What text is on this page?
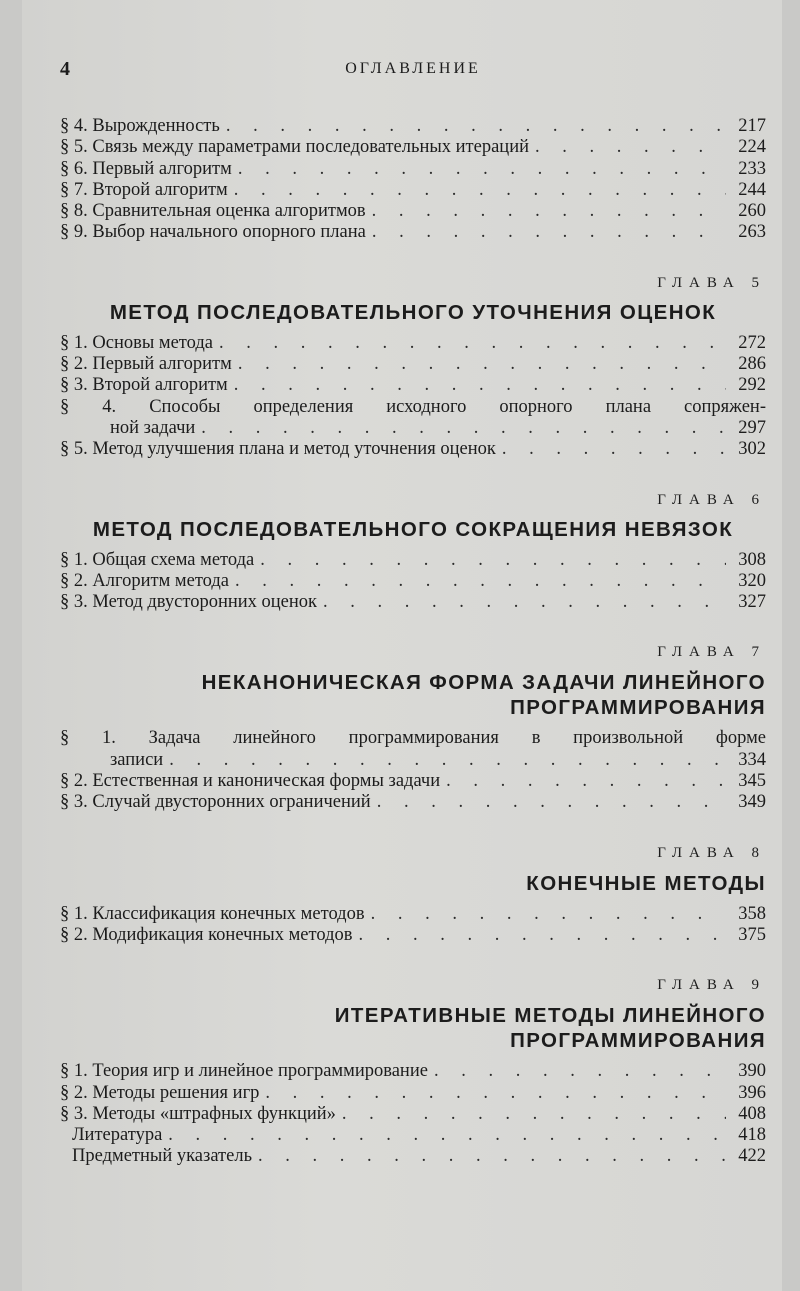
4	ОГЛАВЛЕНИЕ
§ 4. Вырожденность . . .	217
§ 5. Связь между параметрами последовательных итераций . . .	224
§ 6. Первый алгоритм . . .	233
§ 7. Второй алгоритм . . .	244
§ 8. Сравнительная оценка алгоритмов . . .	260
§ 9. Выбор начального опорного плана . . .	263
ГЛАВА 5
МЕТОД ПОСЛЕДОВАТЕЛЬНОГО УТОЧНЕНИЯ ОЦЕНОК
§ 1. Основы метода . . .	272
§ 2. Первый алгоритм . . .	286
§ 3. Второй алгоритм . . .	292
§ 4. Способы определения исходного опорного плана сопряжен-
ной задачи . . .	297
§ 5. Метод улучшения плана и метод уточнения оценок . . .	302
ГЛАВА 6
МЕТОД ПОСЛЕДОВАТЕЛЬНОГО СОКРАЩЕНИЯ НЕВЯЗОК
§ 1. Общая схема метода . . .	308
§ 2. Алгоритм метода . . .	320
§ 3. Метод двусторонних оценок . . .	327
ГЛАВА 7
НЕКАНОНИЧЕСКАЯ ФОРМА ЗАДАЧИ ЛИНЕЙНОГО
ПРОГРАММИРОВАНИЯ
§ 1. Задача линейного программирования в произвольной форме
записи . . .	334
§ 2. Естественная и каноническая формы задачи . . .	345
§ 3. Случай двусторонних ограничений . . .	349
ГЛАВА 8
КОНЕЧНЫЕ МЕТОДЫ
§ 1. Классификация конечных методов . . .	358
§ 2. Модификация конечных методов . . .	375
ГЛАВА 9
ИТЕРАТИВНЫЕ МЕТОДЫ ЛИНЕЙНОГО
ПРОГРАММИРОВАНИЯ
§ 1. Теория игр и линейное программирование . . .	390
§ 2. Методы решения игр . . .	396
§ 3. Методы «штрафных функций» . . .	408
Литература . . .	418
Предметный указатель . . .	422
